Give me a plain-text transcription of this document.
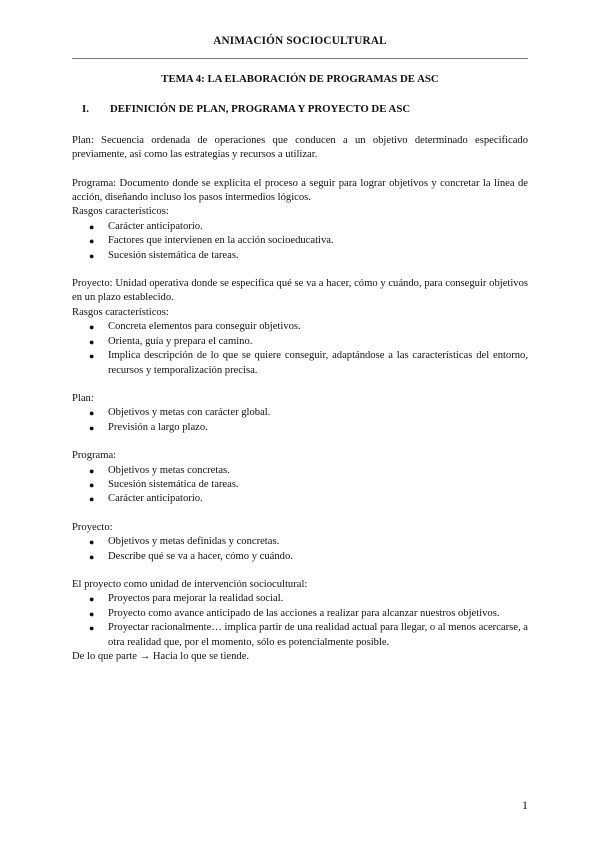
ANIMACIÓN SOCIOCULTURAL
TEMA 4: LA ELABORACIÓN DE PROGRAMAS DE ASC
I.	DEFINICIÓN DE PLAN, PROGRAMA Y PROYECTO DE ASC

Plan: Secuencia ordenada de operaciones que conducen a un objetivo determinado especificado previamente, así como las estrategias y recursos a utilizar.

Programa: Documento donde se explicita el proceso a seguir para lograr objetivos y concretar la línea de acción, diseñando incluso los pasos intermedios lógicos.

Rasgos característicos:

● Carácter anticipatorio.
● Factores que intervienen en la acción socioeducativa.
● Sucesión sistemática de tareas.

Proyecto: Unidad operativa donde se especifica qué se va a hacer, cómo y cuándo, para conseguir objetivos en un plazo establecido.

Rasgos característicos:

● Concreta elementos para conseguir objetivos.
● Orienta, guía y prepara el camino.
● Implica descripción de lo que se quiere conseguir, adaptándose a las características del entorno, recursos y temporalización precisa.

Plan:

● Objetivos y metas con carácter global.
● Previsión a largo plazo.

Programa:

● Objetivos y metas concretas.
● Sucesión sistemática de tareas.
● Carácter anticipatorio.

Proyecto:

● Objetivos y metas definidas y concretas.
● Describe qué se va a hacer, cómo y cuándo.

El proyecto como unidad de intervención sociocultural:

● Proyectos para mejorar la realidad social.
● Proyecto como avance anticipado de las acciones a realizar para alcanzar nuestros objetivos.
● Proyectar racionalmente… implica partir de una realidad actual para llegar, o al menos acercarse, a otra realidad que, por el momento, sólo es potencialmente posible.

De lo que parte → Hacia lo que se tiende.

1
